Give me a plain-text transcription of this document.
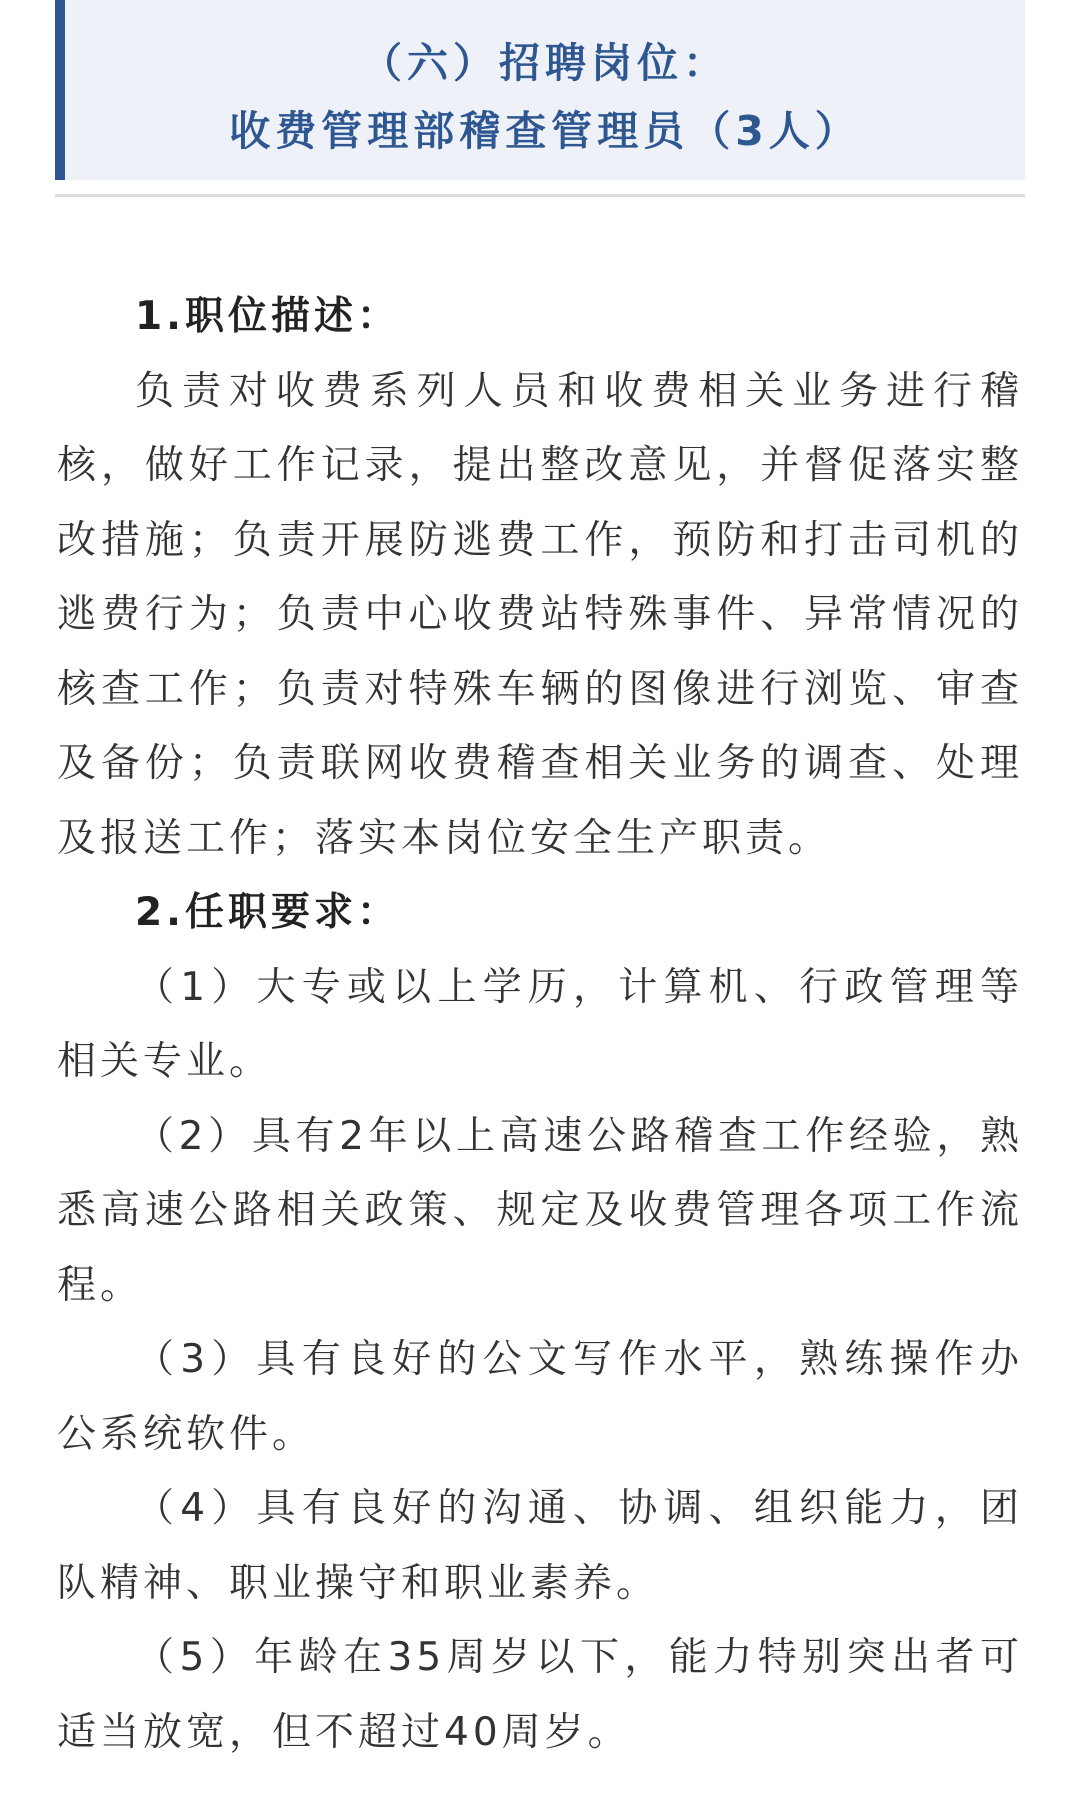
（六）招聘岗位：
收费管理部稽查管理员（3人）

1.职位描述：

负责对收费系列人员和收费相关业务进行稽核，做好工作记录，提出整改意见，并督促落实整改措施；负责开展防逃费工作，预防和打击司机的逃费行为；负责中心收费站特殊事件、异常情况的核查工作；负责对特殊车辆的图像进行浏览、审查及备份；负责联网收费稽查相关业务的调查、处理及报送工作；落实本岗位安全生产职责。

2.任职要求：

（1）大专或以上学历，计算机、行政管理等相关专业。

（2）具有2年以上高速公路稽查工作经验，熟悉高速公路相关政策、规定及收费管理各项工作流程。

（3）具有良好的公文写作水平，熟练操作办公系统软件。

（4）具有良好的沟通、协调、组织能力，团队精神、职业操守和职业素养。

（5）年龄在35周岁以下，能力特别突出者可适当放宽，但不超过40周岁。
